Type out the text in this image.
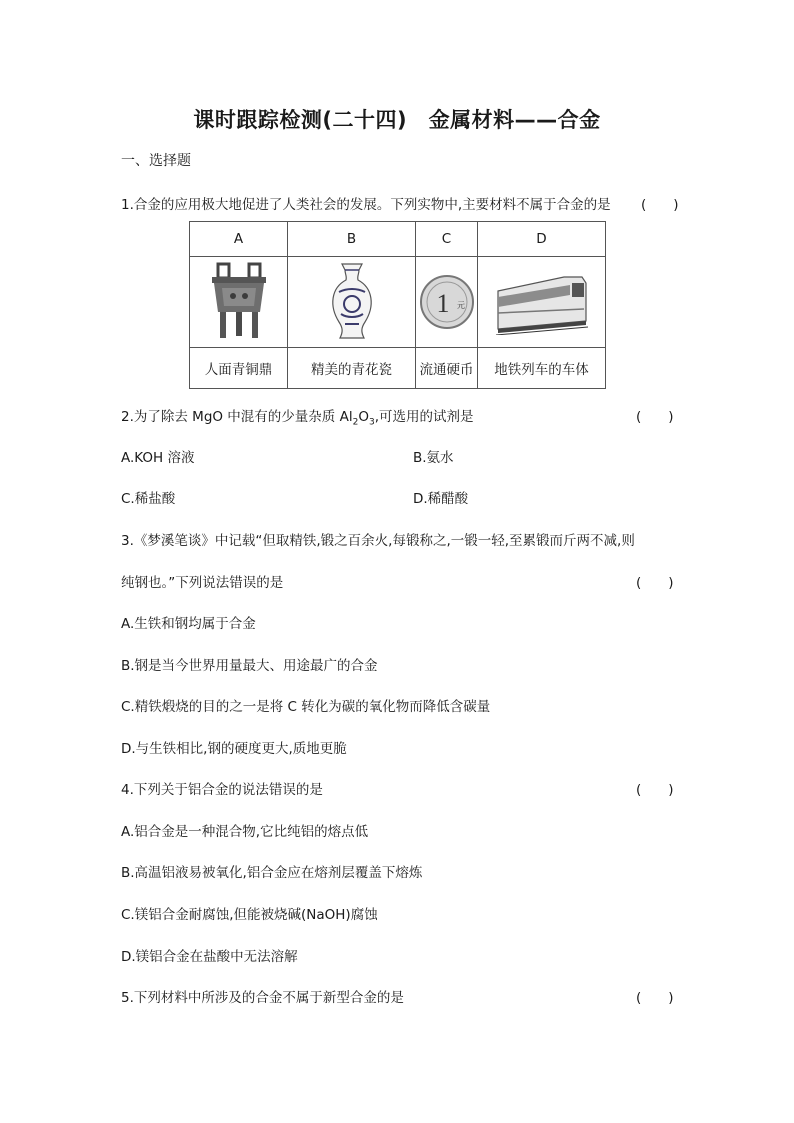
课时跟踪检测(二十四)　金属材料——合金
一、选择题
1.合金的应用极大地促进了人类社会的发展。下列实物中,主要材料不属于合金的是	(　　)
A	B	C	D

1 元

人面青铜鼎	精美的青花瓷	流通硬币	地铁列车的车体
2.为了除去 MgO 中混有的少量杂质 $Al_2O_3$,可选用的试剂是	(　　)
A.KOH 溶液	B.氨水
C.稀盐酸	D.稀醋酸
3.《梦溪笔谈》中记载“但取精铁,锻之百余火,每锻称之,一锻一轻,至累锻而斤两不减,则
纯钢也。”下列说法错误的是	(　　)
A.生铁和钢均属于合金
B.钢是当今世界用量最大、用途最广的合金
C.精铁煅烧的目的之一是将 C 转化为碳的氧化物而降低含碳量
D.与生铁相比,钢的硬度更大,质地更脆
4.下列关于铝合金的说法错误的是	(　　)
A.铝合金是一种混合物,它比纯铝的熔点低
B.高温铝液易被氧化,铝合金应在熔剂层覆盖下熔炼
C.镁铝合金耐腐蚀,但能被烧碱(NaOH)腐蚀
D.镁铝合金在盐酸中无法溶解
5.下列材料中所涉及的合金不属于新型合金的是	(　　)
